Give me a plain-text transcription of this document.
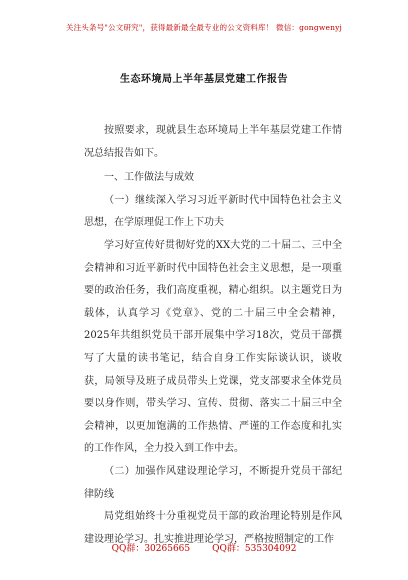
关注头条号"公文研究"，获得最新最全最专业的公文资料库！ 微信：gongwenyj
生态环境局上半年基层党建工作报告

按照要求，现就县生态环境局上半年基层党建工作情况总结报告如下。

一、工作做法与成效

（一）继续深入学习习近平新时代中国特色社会主义思想，在学原理促工作上下功夫

学习好宣传好贯彻好党的XX大党的二十届二、三中全会精神和习近平新时代中国特色社会主义思想，是一项重要的政治任务，我们高度重视，精心组织。以主题党日为载体，认真学习《党章》、党的二十届三中全会精神，2025年共组织党员干部开展集中学习18次，党员干部撰写了大量的读书笔记，结合自身工作实际谈认识，谈收获，局领导及班子成员带头上党课，党支部要求全体党员要以身作则，带头学习、宣传、贯彻、落实二十届三中全会精神，以更加饱满的工作热情、严谨的工作态度和扎实的工作作风，全力投入到工作中去。

（二）加强作风建设理论学习，不断提升党员干部纪律防线

局党组始终十分重视党员干部的政治理论特别是作风建设理论学习。扎实推进理论学习，严格按照制定的工作

QQ群：30265665 QQ群：535304092
